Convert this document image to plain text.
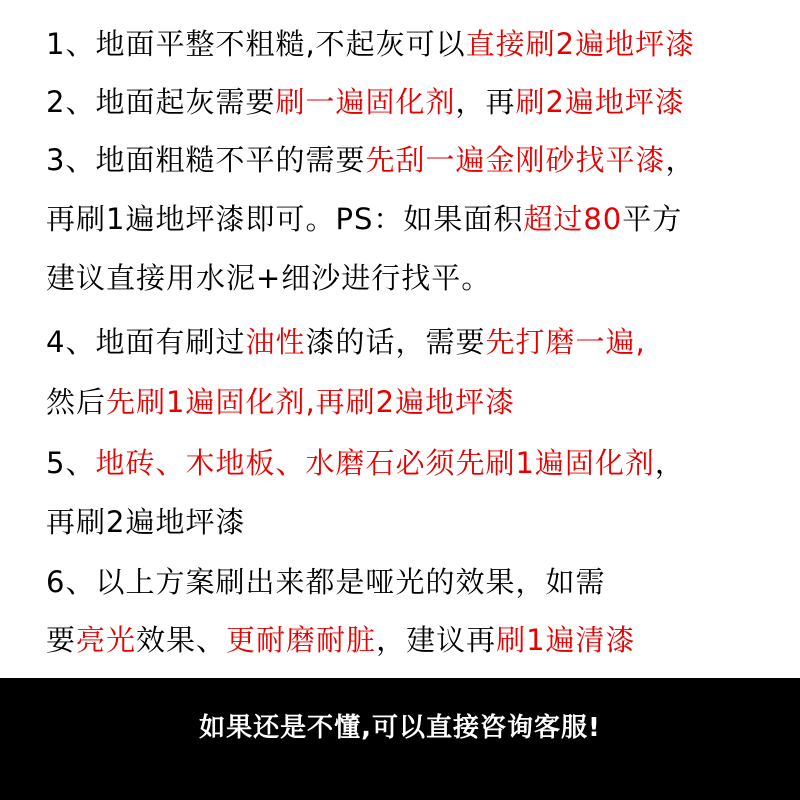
1、地面平整不粗糙,不起灰可以直接刷2遍地坪漆
2、地面起灰需要刷一遍固化剂，再刷2遍地坪漆
3、地面粗糙不平的需要先刮一遍金刚砂找平漆，
再刷1遍地坪漆即可。PS：如果面积超过80平方
建议直接用水泥+细沙进行找平。
4、地面有刷过油性漆的话，需要先打磨一遍,
然后先刷1遍固化剂,再刷2遍地坪漆
5、地砖、木地板、水磨石必须先刷1遍固化剂，
再刷2遍地坪漆
6、以上方案刷出来都是哑光的效果，如需
要亮光效果、更耐磨耐脏，建议再刷1遍清漆
如果还是不懂,可以直接咨询客服!
